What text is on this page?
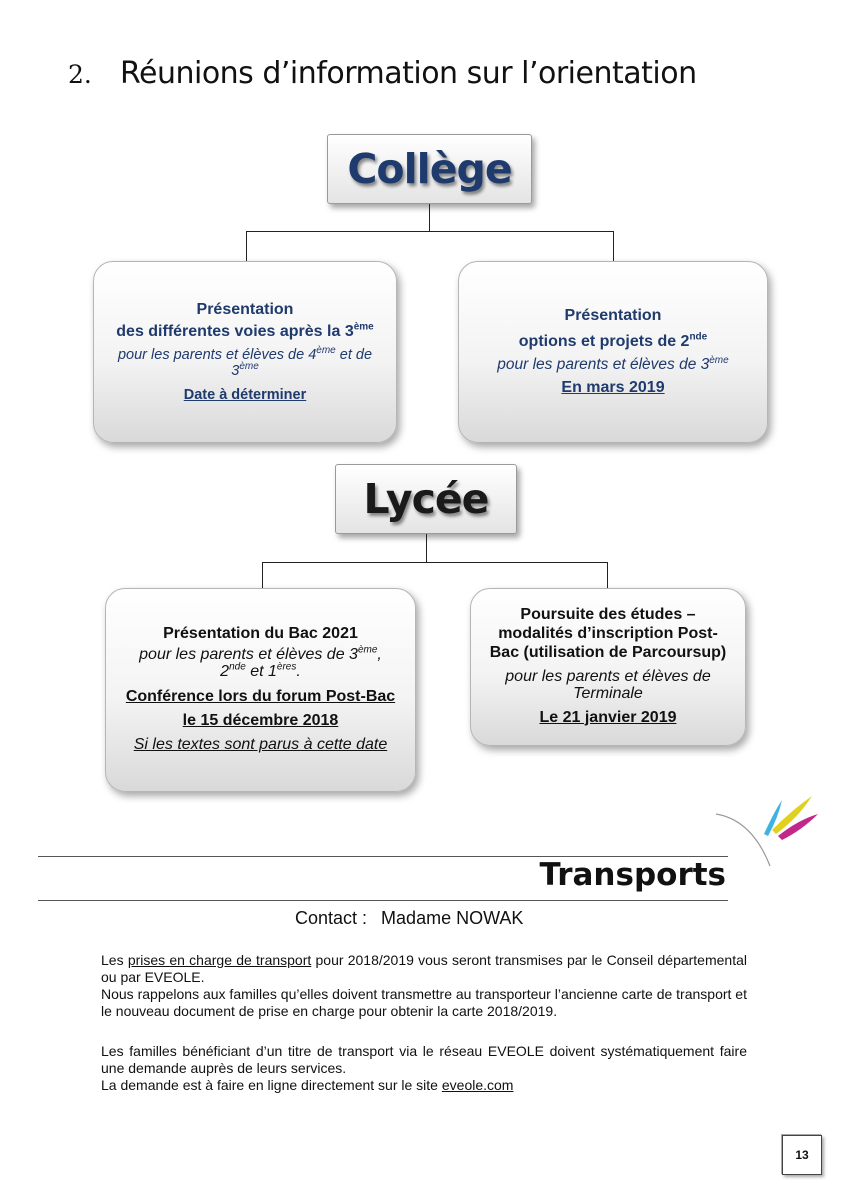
2. Réunions d’information sur l’orientation
Collège
Présentation
des différentes voies après la 3ème
pour les parents et élèves de 4ème et de
3ème
Date à déterminer
Présentation
options et projets de 2nde
pour les parents et élèves de 3ème
En mars 2019
Lycée
Présentation du Bac 2021
pour les parents et élèves de 3ème,
2nde et 1ères.
Conférence lors du forum Post-Bac
le 15 décembre 2018
Si les textes sont parus à cette date
Poursuite des études – modalités d’inscription Post-Bac (utilisation de Parcoursup)
pour les parents et élèves de Terminale
Le 21 janvier 2019
Transports
Contact : Madame NOWAK

Les prises en charge de transport pour 2018/2019 vous seront transmises par le Conseil départemental ou par EVEOLE.

Nous rappelons aux familles qu’elles doivent transmettre au transporteur l’ancienne carte de transport et le nouveau document de prise en charge pour obtenir la carte 2018/2019.

Les familles bénéficiant d’un titre de transport via le réseau EVEOLE doivent systématiquement faire une demande auprès de leurs services.

La demande est à faire en ligne directement sur le site eveole.com

13
